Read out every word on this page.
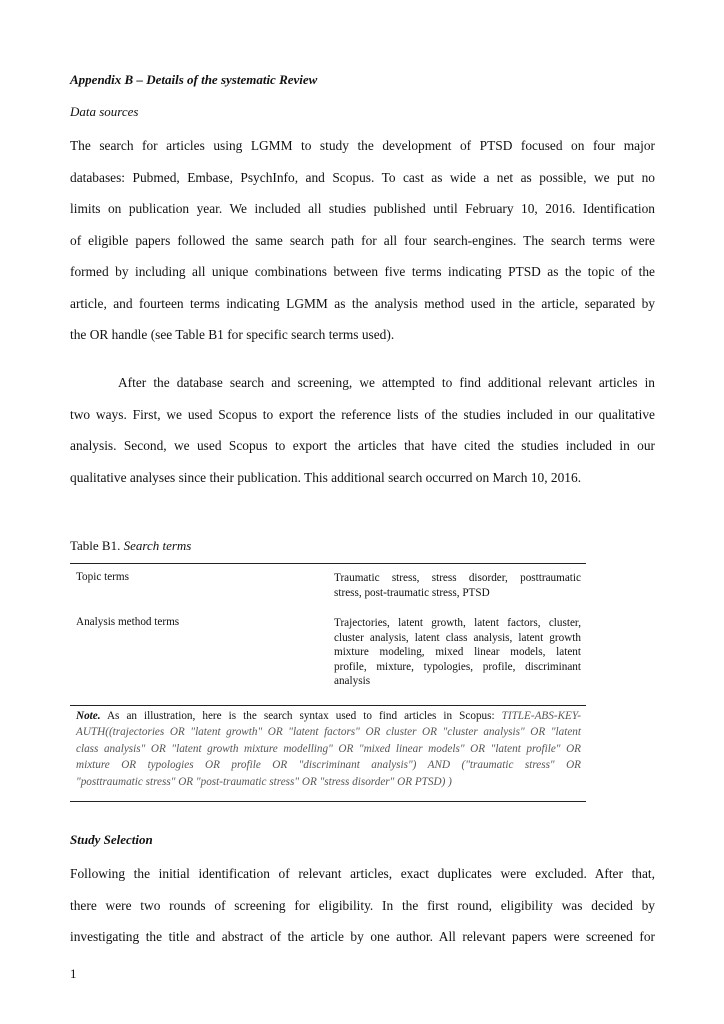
Appendix B – Details of the systematic Review
Data sources
The search for articles using LGMM to study the development of PTSD focused on four major
databases: Pubmed, Embase, PsychInfo, and Scopus. To cast as wide a net as possible, we put no
limits on publication year. We included all studies published until February 10, 2016. Identification
of eligible papers followed the same search path for all four search-engines. The search terms were
formed by including all unique combinations between five terms indicating PTSD as the topic of the
article, and fourteen terms indicating LGMM as the analysis method used in the article, separated by
the OR handle (see Table B1 for specific search terms used).
After the database search and screening, we attempted to find additional relevant articles in
two ways. First, we used Scopus to export the reference lists of the studies included in our qualitative
analysis. Second, we used Scopus to export the articles that have cited the studies included in our
qualitative analyses since their publication. This additional search occurred on March 10, 2016.
Table B1. Search terms
Topic terms	Traumatic stress, stress disorder, posttraumatic
stress, post-traumatic stress, PTSD
Analysis method terms	Trajectories, latent growth, latent factors, cluster,
cluster analysis, latent class analysis, latent growth
mixture modeling, mixed linear models, latent
profile, mixture, typologies, profile, discriminant
analysis
Note. As an illustration, here is the search syntax used to find articles in Scopus: TITLE-ABS-KEY-
AUTH((trajectories OR "latent growth" OR "latent factors" OR cluster OR "cluster analysis" OR "latent
class analysis" OR "latent growth mixture modelling" OR "mixed linear models" OR "latent profile" OR
mixture OR typologies OR profile OR "discriminant analysis") AND ("traumatic stress" OR
"posttraumatic stress" OR "post-traumatic stress" OR "stress disorder" OR PTSD) )
Study Selection
Following the initial identification of relevant articles, exact duplicates were excluded. After that,
there were two rounds of screening for eligibility. In the first round, eligibility was decided by
investigating the title and abstract of the article by one author. All relevant papers were screened for
1
